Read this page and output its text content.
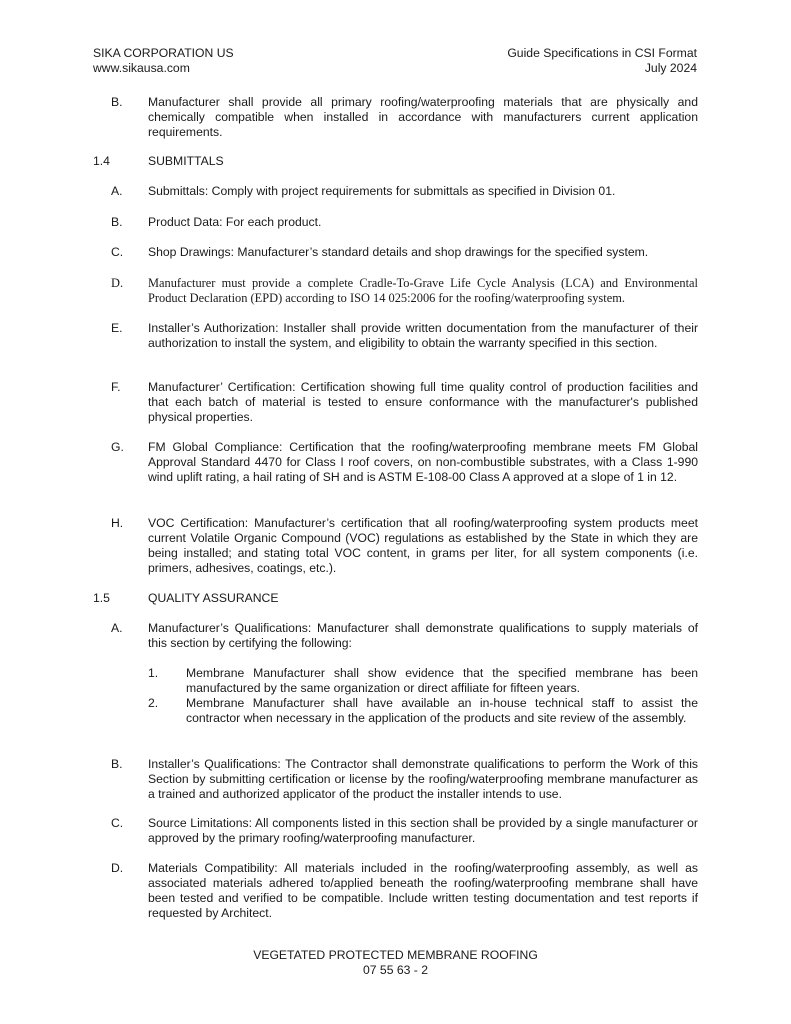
SIKA CORPORATION US
www.sikausa.com
Guide Specifications in CSI Format
July 2024
B. Manufacturer shall provide all primary roofing/waterproofing materials that are physically and chemically compatible when installed in accordance with manufacturers current application requirements.
1.4	SUBMITTALS
A. Submittals: Comply with project requirements for submittals as specified in Division 01.
B. Product Data: For each product.
C. Shop Drawings: Manufacturer’s standard details and shop drawings for the specified system.
D. Manufacturer must provide a complete Cradle-To-Grave Life Cycle Analysis (LCA) and Environmental Product Declaration (EPD) according to ISO 14 025:2006 for the roofing/waterproofing system.
E. Installer’s Authorization: Installer shall provide written documentation from the manufacturer of their authorization to install the system, and eligibility to obtain the warranty specified in this section.
F. Manufacturer’ Certification: Certification showing full time quality control of production facilities and that each batch of material is tested to ensure conformance with the manufacturer's published physical properties.
G. FM Global Compliance: Certification that the roofing/waterproofing membrane meets FM Global Approval Standard 4470 for Class I roof covers, on non-combustible substrates, with a Class 1-990 wind uplift rating, a hail rating of SH and is ASTM E-108-00 Class A approved at a slope of 1 in 12.
H. VOC Certification: Manufacturer’s certification that all roofing/waterproofing system products meet current Volatile Organic Compound (VOC) regulations as established by the State in which they are being installed; and stating total VOC content, in grams per liter, for all system components (i.e. primers, adhesives, coatings, etc.).
1.5	QUALITY ASSURANCE
A. Manufacturer’s Qualifications: Manufacturer shall demonstrate qualifications to supply materials of this section by certifying the following:
1. Membrane Manufacturer shall show evidence that the specified membrane has been manufactured by the same organization or direct affiliate for fifteen years.
2. Membrane Manufacturer shall have available an in-house technical staff to assist the contractor when necessary in the application of the products and site review of the assembly.
B. Installer’s Qualifications: The Contractor shall demonstrate qualifications to perform the Work of this Section by submitting certification or license by the roofing/waterproofing membrane manufacturer as a trained and authorized applicator of the product the installer intends to use.
C. Source Limitations: All components listed in this section shall be provided by a single manufacturer or approved by the primary roofing/waterproofing manufacturer.
D. Materials Compatibility: All materials included in the roofing/waterproofing assembly, as well as associated materials adhered to/applied beneath the roofing/waterproofing membrane shall have been tested and verified to be compatible. Include written testing documentation and test reports if requested by Architect.
VEGETATED PROTECTED MEMBRANE ROOFING
07 55 63 - 2
